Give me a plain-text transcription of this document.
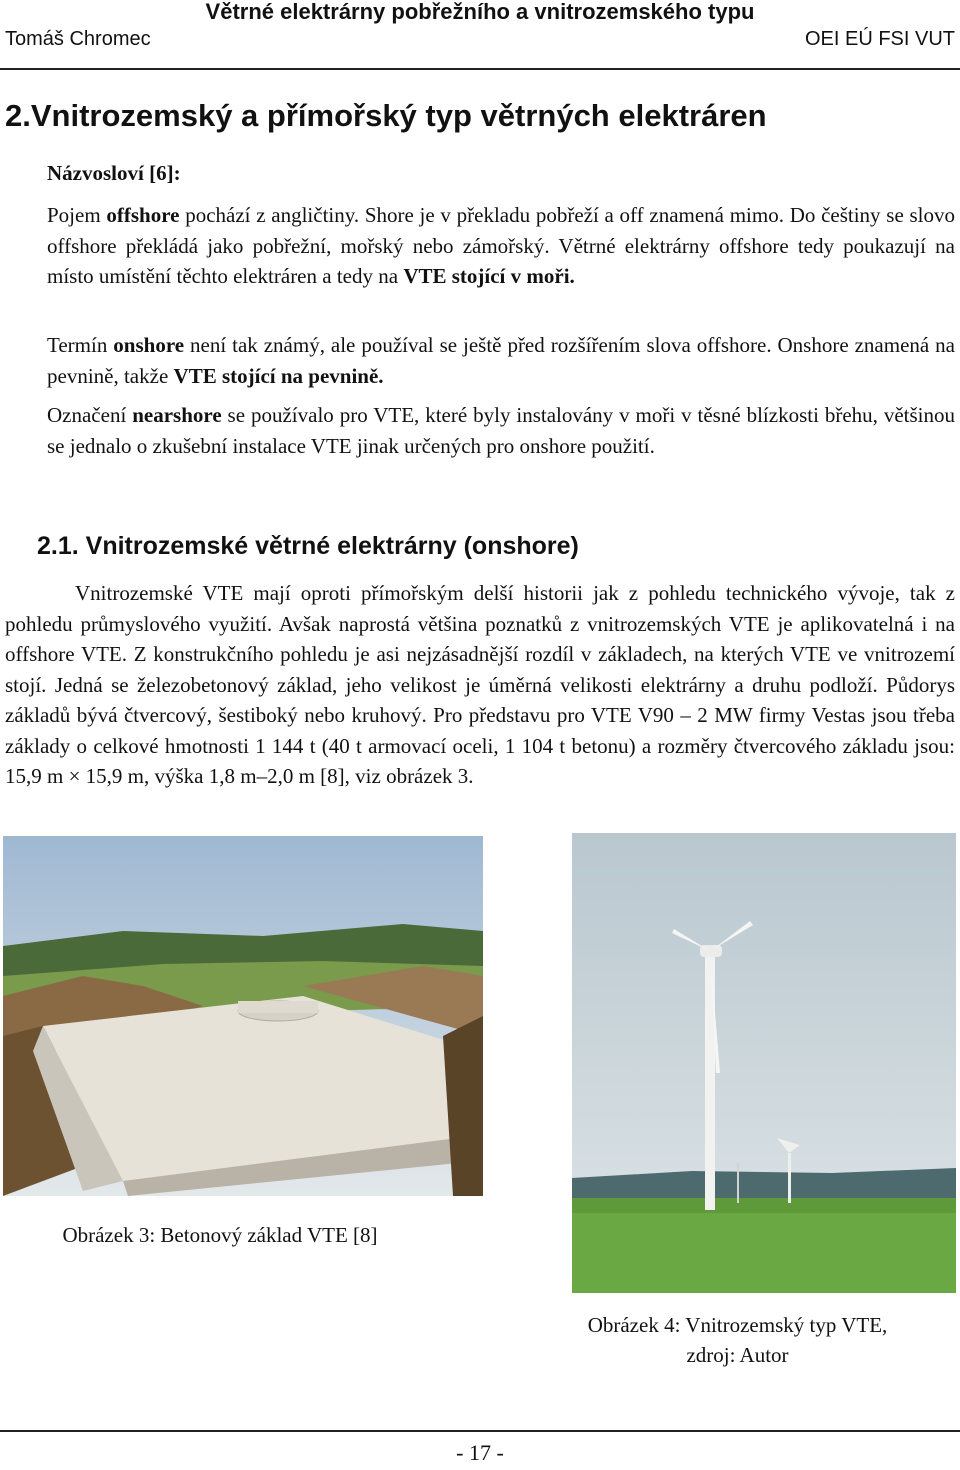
Větrné elektrárny pobřežního a vnitrozemského typu
Tomáš Chromec	OEI EÚ FSI VUT
2.Vnitrozemský a přímořský typ větrných elektráren
Názvosloví [6]:
Pojem offshore pochází z angličtiny. Shore je v překladu pobřeží a off znamená mimo. Do češtiny se slovo offshore překládá jako pobřežní, mořský nebo zámořský. Větrné elektrárny offshore tedy poukazují na místo umístění těchto elektráren a tedy na VTE stojící v moři.
Termín onshore není tak známý, ale používal se ještě před rozšířením slova offshore. Onshore znamená na pevnině, takže VTE stojící na pevnině.
Označení nearshore se používalo pro VTE, které byly instalovány v moři v těsné blízkosti břehu, většinou se jednalo o zkušební instalace VTE jinak určených pro onshore použití.
2.1. Vnitrozemské větrné elektrárny (onshore)
Vnitrozemské VTE mají oproti přímořským delší historii jak z pohledu technického vývoje, tak z pohledu průmyslového využití. Avšak naprostá většina poznatků z vnitrozemských VTE je aplikovatelná i na offshore VTE. Z konstrukčního pohledu je asi nejzásadnější rozdíl v základech, na kterých VTE ve vnitrozemí stojí. Jedná se železobetonový základ, jeho velikost je úměrná velikosti elektrárny a druhu podloží. Půdorys základů bývá čtvercový, šestiboký nebo kruhový. Pro představu pro VTE V90 – 2 MW firmy Vestas jsou třeba základy o celkové hmotnosti 1 144 t (40 t armovací oceli, 1 104 t betonu) a rozměry čtvercového základu jsou: 15,9 m × 15,9 m, výška 1,8 m–2,0 m [8], viz obrázek 3.
Obrázek 3: Betonový základ VTE [8]
Obrázek 4: Vnitrozemský typ VTE,
zdroj: Autor
- 17 -
